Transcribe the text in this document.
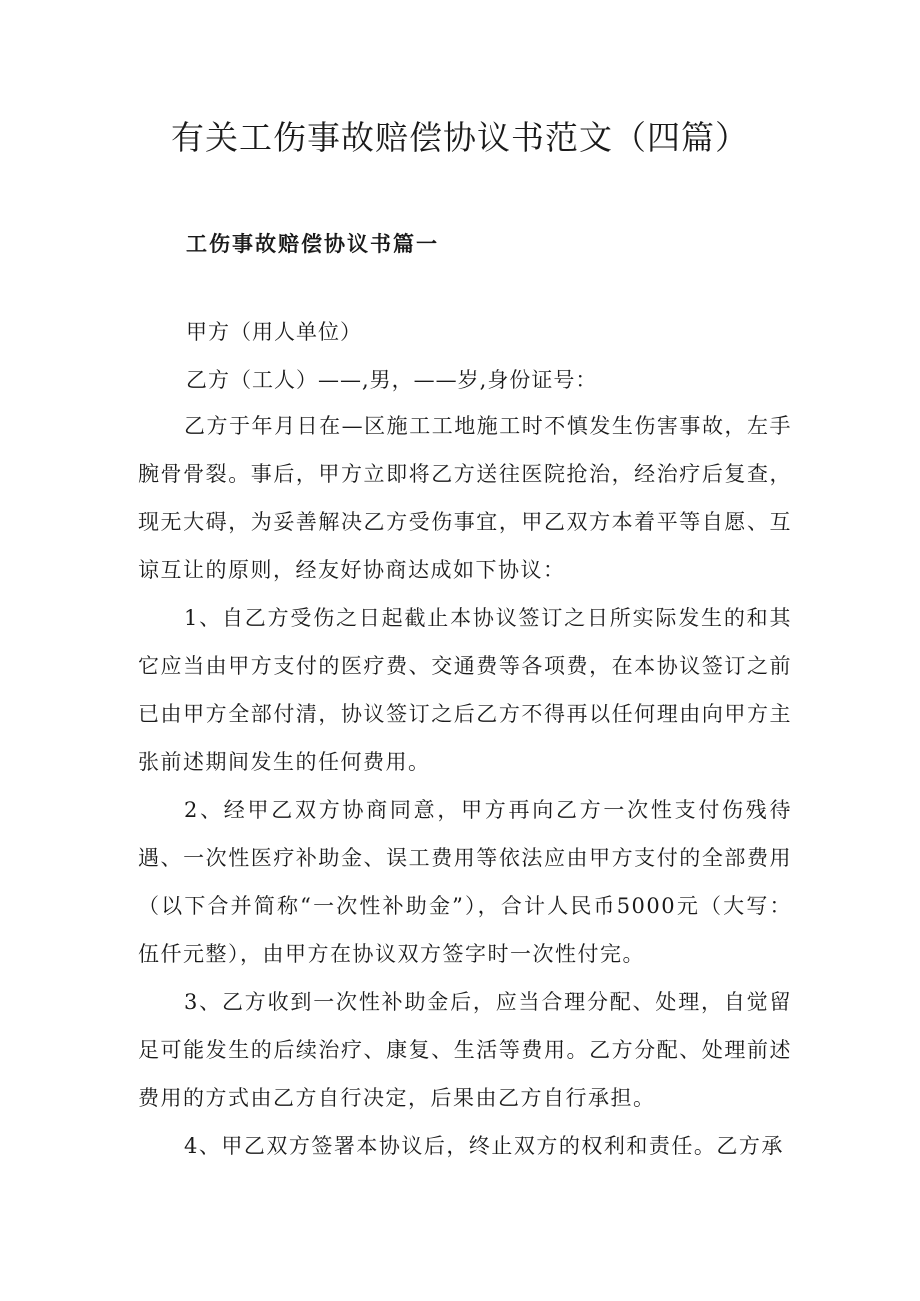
有关工伤事故赔偿协议书范文（四篇）
工伤事故赔偿协议书篇一
甲方（用人单位）
乙方（工人）——,男，——岁,身份证号：

乙方于年月日在—区施工工地施工时不慎发生伤害事故，左手腕骨骨裂。事后，甲方立即将乙方送往医院抢治，经治疗后复查，现无大碍，为妥善解决乙方受伤事宜，甲乙双方本着平等自愿、互谅互让的原则，经友好协商达成如下协议：

1、自乙方受伤之日起截止本协议签订之日所实际发生的和其它应当由甲方支付的医疗费、交通费等各项费，在本协议签订之前已由甲方全部付清，协议签订之后乙方不得再以任何理由向甲方主张前述期间发生的任何费用。

2、经甲乙双方协商同意，甲方再向乙方一次性支付伤残待遇、一次性医疗补助金、误工费用等依法应由甲方支付的全部费用（以下合并简称“一次性补助金”），合计人民币5000元（大写：伍仟元整），由甲方在协议双方签字时一次性付完。

3、乙方收到一次性补助金后，应当合理分配、处理，自觉留足可能发生的后续治疗、康复、生活等费用。乙方分配、处理前述费用的方式由乙方自行决定，后果由乙方自行承担。

4、甲乙双方签署本协议后，终止双方的权利和责任。乙方承
